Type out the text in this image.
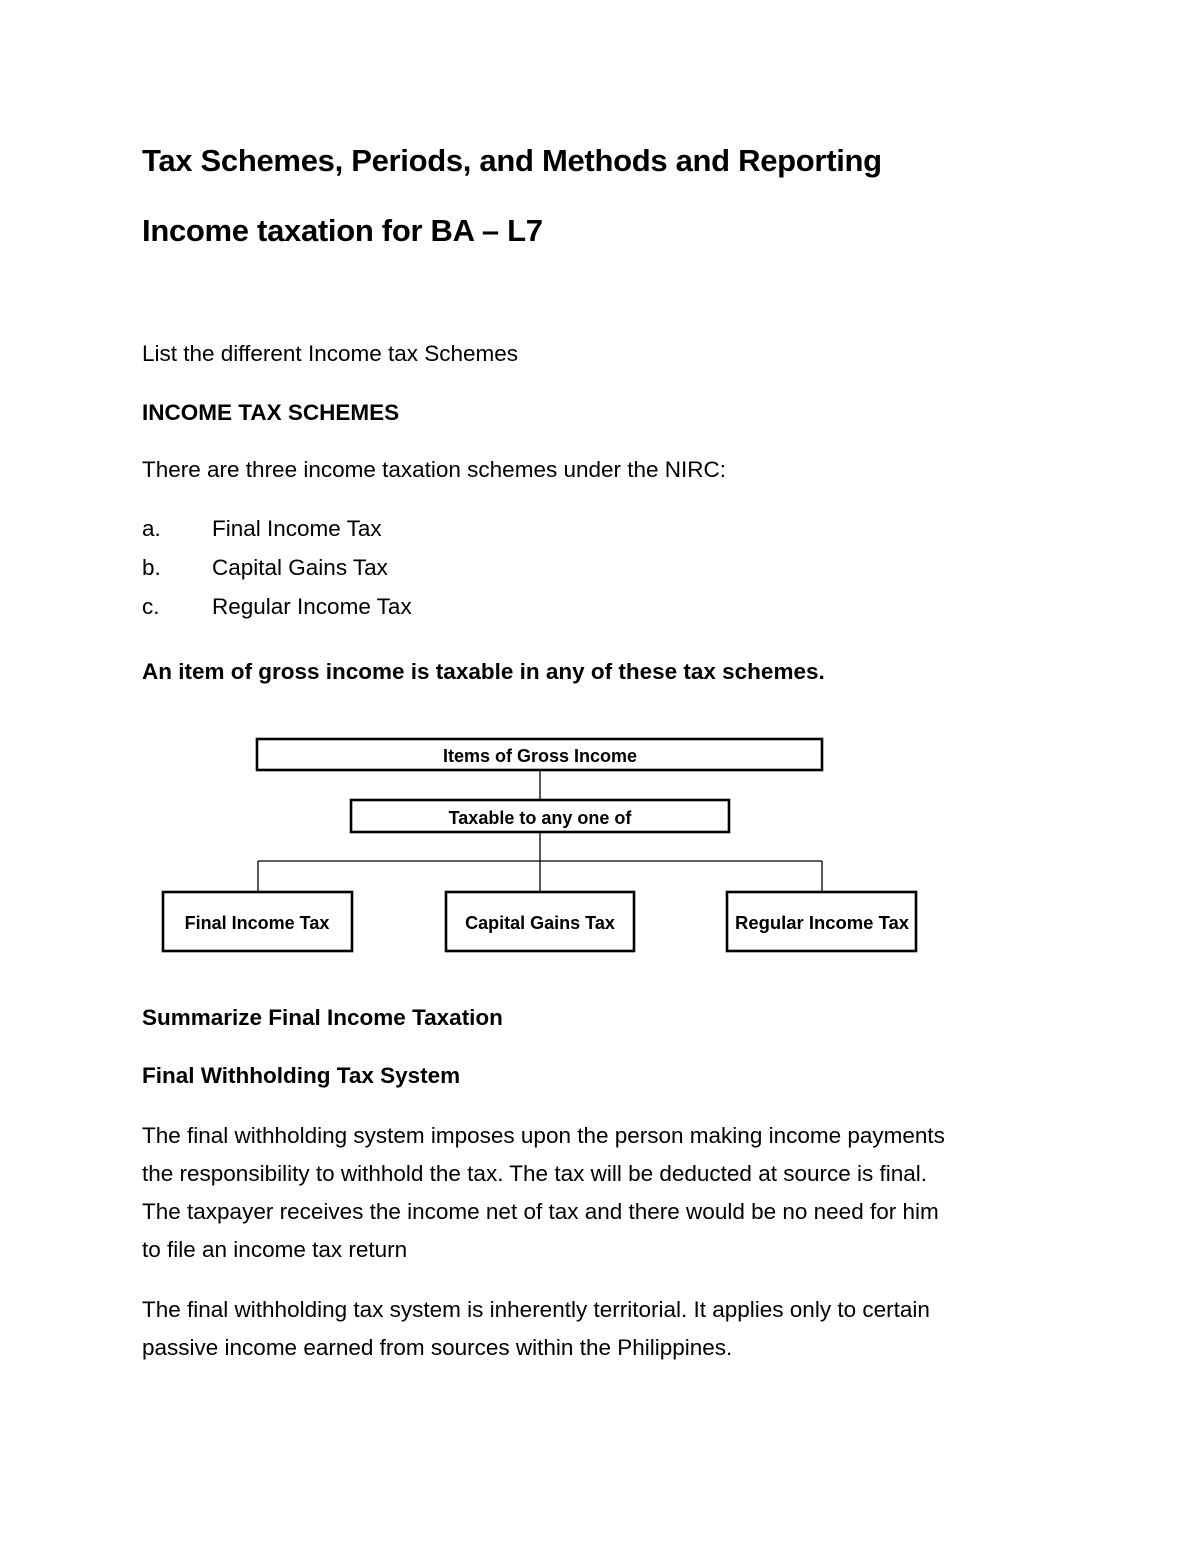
Tax Schemes, Periods, and Methods and Reporting
Income taxation for BA – L7

List the different Income tax Schemes

INCOME TAX SCHEMES

There are three income taxation schemes under the NIRC:

a. Final Income Tax
b. Capital Gains Tax
c. Regular Income Tax

An item of gross income is taxable in any of these tax schemes.

Items of Gross Income
Taxable to any one of
Final Income Tax	Capital Gains Tax	Regular Income Tax

Summarize Final Income Taxation

Final Withholding Tax System

The final withholding system imposes upon the person making income payments
the responsibility to withhold the tax. The tax will be deducted at source is final.
The taxpayer receives the income net of tax and there would be no need for him
to file an income tax return
The final withholding tax system is inherently territorial. It applies only to certain
passive income earned from sources within the Philippines.
